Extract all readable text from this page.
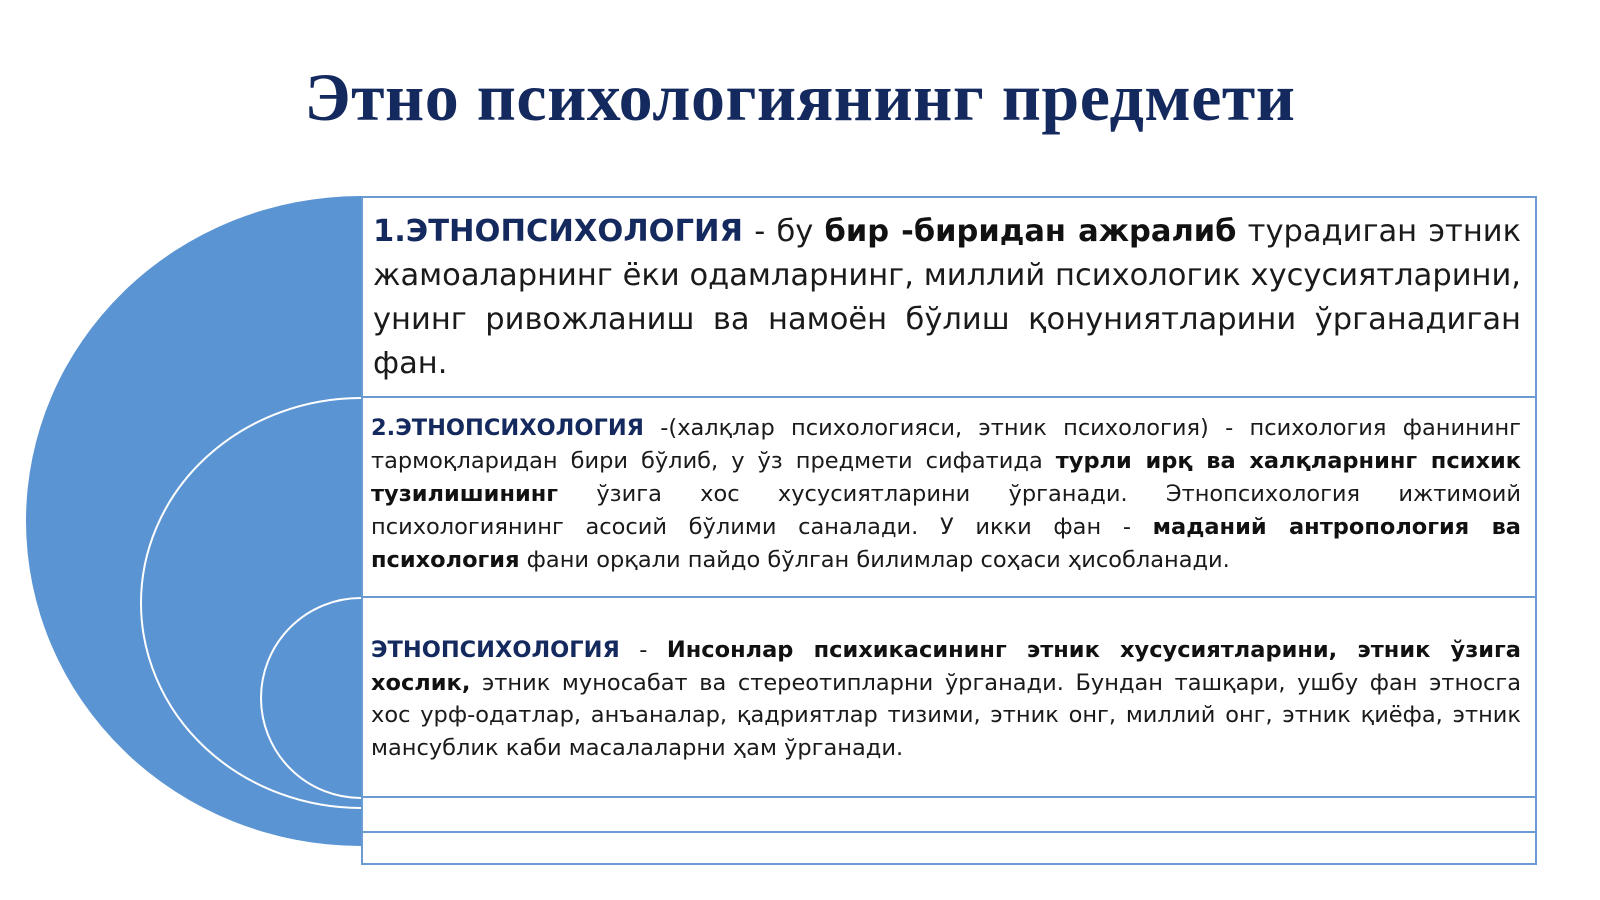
Этно психологиянинг предмети
1.ЭТНОПСИХОЛОГИЯ - бу бир -биридан ажралиб турадиган этник жамоаларнинг ёки одамларнинг, миллий психологик хусусиятларини, унинг ривожланиш ва намоён бўлиш қонуниятларини ўрганадиган фан.
2.ЭТНОПСИХОЛОГИЯ -(халқлар психологияси, этник психология) - психология фанининг тармоқларидан бири бўлиб, у ўз предмети сифатида турли ирқ ва халқларнинг психик тузилишининг ўзига хос хусусиятларини ўрганади. Этнопсихология ижтимоий психологиянинг асосий бўлими саналади. У икки фан - маданий антропология ва психология фани орқали пайдо бўлган билимлар соҳаси ҳисобланади.
ЭТНОПСИХОЛОГИЯ - Инсонлар психикасининг этник хусусиятларини, этник ўзига хослик, этник муносабат ва стереотипларни ўрганади. Бундан ташқари, ушбу фан этносга хос урф-одатлар, анъаналар, қадриятлар тизими, этник онг, миллий онг, этник қиёфа, этник мансублик каби масалаларни ҳам ўрганади.
